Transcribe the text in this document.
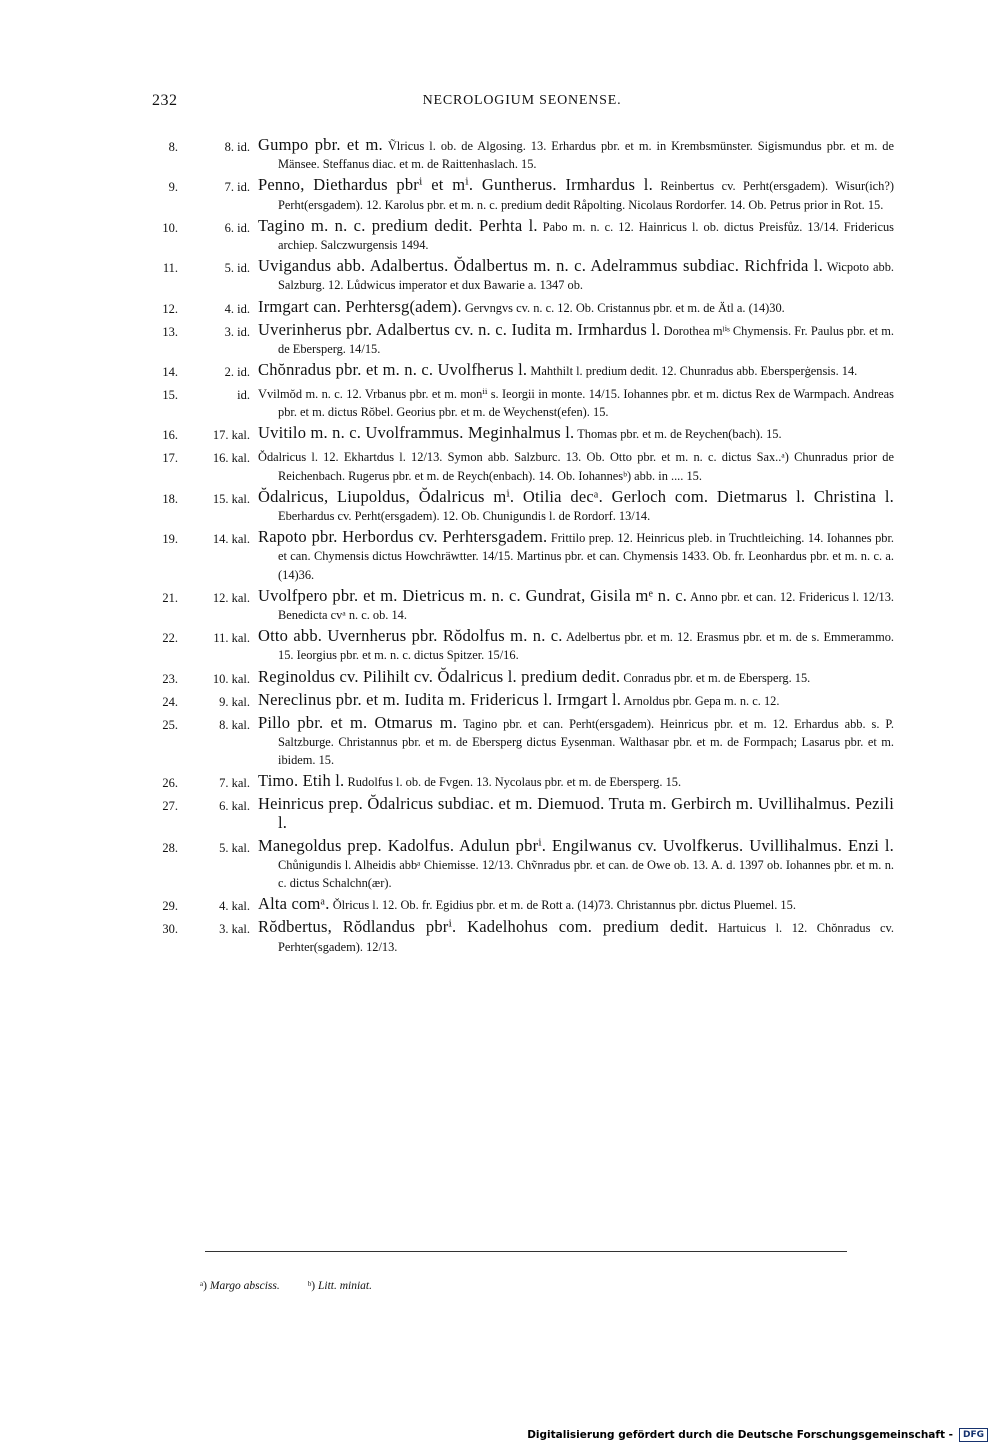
232	NECROLOGIUM SEONENSE.
8.	8. id. Gumpo pbr. et m. Ṽlricus l. ob. de Algosing. 13. Erhardus pbr. et m. in Krembsmünster. Sigismundus pbr. et m. de Mänsee. Steffanus diac. et m. de Raittenhaslach. 15.
9.	7. id. Penno, Diethardus pbrⁱ et mⁱ. Guntherus. Irmhardus l. Reinbertus cv. Perht(ersgadem). Wisur(ich?) Perht(ersgadem). 12. Karolus pbr. et m. n. c. predium dedit Råpolting. Nicolaus Rordorfer. 14. Ob. Petrus prior in Rot. 15.
10.	6. id. Tagino m. n. c. predium dedit. Perhta l. Pabo m. n. c. 12. Hainricus l. ob. dictus Preisfůz. 13/14. Fridericus archiep. Salczwurgensis 1494.
11.	5. id. Uvigandus abb. Adalbertus. Ŏdalbertus m. n. c. Adelrammus subdiac. Richfrida l. Wicpoto abb. Salzburg. 12. Lůdwicus imperator et dux Bawarie a. 1347 ob.
12.	4. id. Irmgart can. Perhtersg(adem). Gervngvs cv. n. c. 12. Ob. Cristannus pbr. et m. de Ätl a. (14)30.
13.	3. id. Uverinherus pbr. Adalbertus cv. n. c. Iudita m. Irmhardus l. Dorothea mˡⁱˢ Chymensis. Fr. Paulus pbr. et m. de Ebersperg. 14/15.
14.	2. id. Chŏnradus pbr. et m. n. c. Uvolfherus l. Mahthilt l. predium dedit. 12. Chunradus abb. Ebersperġensis. 14.
15.	id. Vvilmŏd m. n. c. 12. Vrbanus pbr. et m. monⁱⁱ s. Ieorgii in monte. 14/15. Iohannes pbr. et m. dictus Rex de Warmpach. Andreas pbr. et m. dictus Rŏbel. Georius pbr. et m. de Weychenst(efen). 15.
16.	17. kal. Uvitilo m. n. c. Uvolframmus. Meginhalmus l. Thomas pbr. et m. de Reychen(bach). 15.
17.	16. kal. Ŏdalricus l. 12. Ekhartdus l. 12/13. Symon abb. Salzburc. 13. Ob. Otto pbr. et m. n. c. dictus Sax..ᵃ) Chunradus prior de Reichenbach. Rugerus pbr. et m. de Reych(enbach). 14. Ob. Iohannesᵇ) abb. in .... 15.
18.	15. kal. Ŏdalricus, Liupoldus, Ŏdalricus mⁱ. Otilia decᵃ. Gerloch com. Dietmarus l. Christina l. Eberhardus cv. Perht(ersgadem). 12. Ob. Chunigundis l. de Rordorf. 13/14.
19.	14. kal. Rapoto pbr. Herbordus cv. Perhtersgadem. Frittilo prep. 12. Heinricus pleb. in Truchtleiching. 14. Iohannes pbr. et can. Chymensis dictus Howchräwtter. 14/15. Martinus pbr. et can. Chymensis 1433. Ob. fr. Leonhardus pbr. et m. n. c. a. (14)36.
21.	12. kal. Uvolfpero pbr. et m. Dietricus m. n. c. Gundrat, Gisila mᵉ n. c. Anno pbr. et can. 12. Fridericus l. 12/13. Benedicta cvᵃ n. c. ob. 14.
22.	11. kal. Otto abb. Uvernherus pbr. Rŏdolfus m. n. c. Adelbertus pbr. et m. 12. Erasmus pbr. et m. de s. Emmerammo. 15. Ieorgius pbr. et m. n. c. dictus Spitzer. 15/16.
23.	10. kal. Reginoldus cv. Pilihilt cv. Ŏdalricus l. predium dedit. Conradus pbr. et m. de Ebersperg. 15.
24.	9. kal. Nereclinus pbr. et m. Iudita m. Fridericus l. Irmgart l. Arnoldus pbr. Gepa m. n. c. 12.
25.	8. kal. Pillo pbr. et m. Otmarus m. Tagino pbr. et can. Perht(ersgadem). Heinricus pbr. et m. 12. Erhardus abb. s. P. Saltzburge. Christannus pbr. et m. de Ebersperg dictus Eysenman. Walthasar pbr. et m. de Formpach; Lasarus pbr. et m. ibidem. 15.
26.	7. kal. Timo. Etih l. Rudolfus l. ob. de Fvgen. 13. Nycolaus pbr. et m. de Ebersperg. 15.
27.	6. kal. Heinricus prep. Ŏdalricus subdiac. et m. Diemuod. Truta m. Gerbirch m. Uvillihalmus. Pezili l.
28.	5. kal. Manegoldus prep. Kadolfus. Adulun pbrⁱ. Engilwanus cv. Uvolfkerus. Uvillihalmus. Enzi l. Chůnigundis l. Alheidis abbᵃ Chiemisse. 12/13. Chṽnradus pbr. et can. de Owe ob. 13. A. d. 1397 ob. Iohannes pbr. et m. n. c. dictus Schalchn(ær).
29.	4. kal. Alta comᵃ. Ŏlricus l. 12. Ob. fr. Egidius pbr. et m. de Rott a. (14)73. Christannus pbr. dictus Pluemel. 15.
30.	3. kal. Rŏdbertus, Rŏdlandus pbrⁱ. Kadelhohus com. predium dedit. Hartuicus l. 12. Chŏnradus cv. Perhter(sgadem). 12/13.
ᵃ) Margo absciss. ᵇ) Litt. miniat.
Digitalisierung gefördert durch die Deutsche Forschungsgemeinschaft -	DFG
